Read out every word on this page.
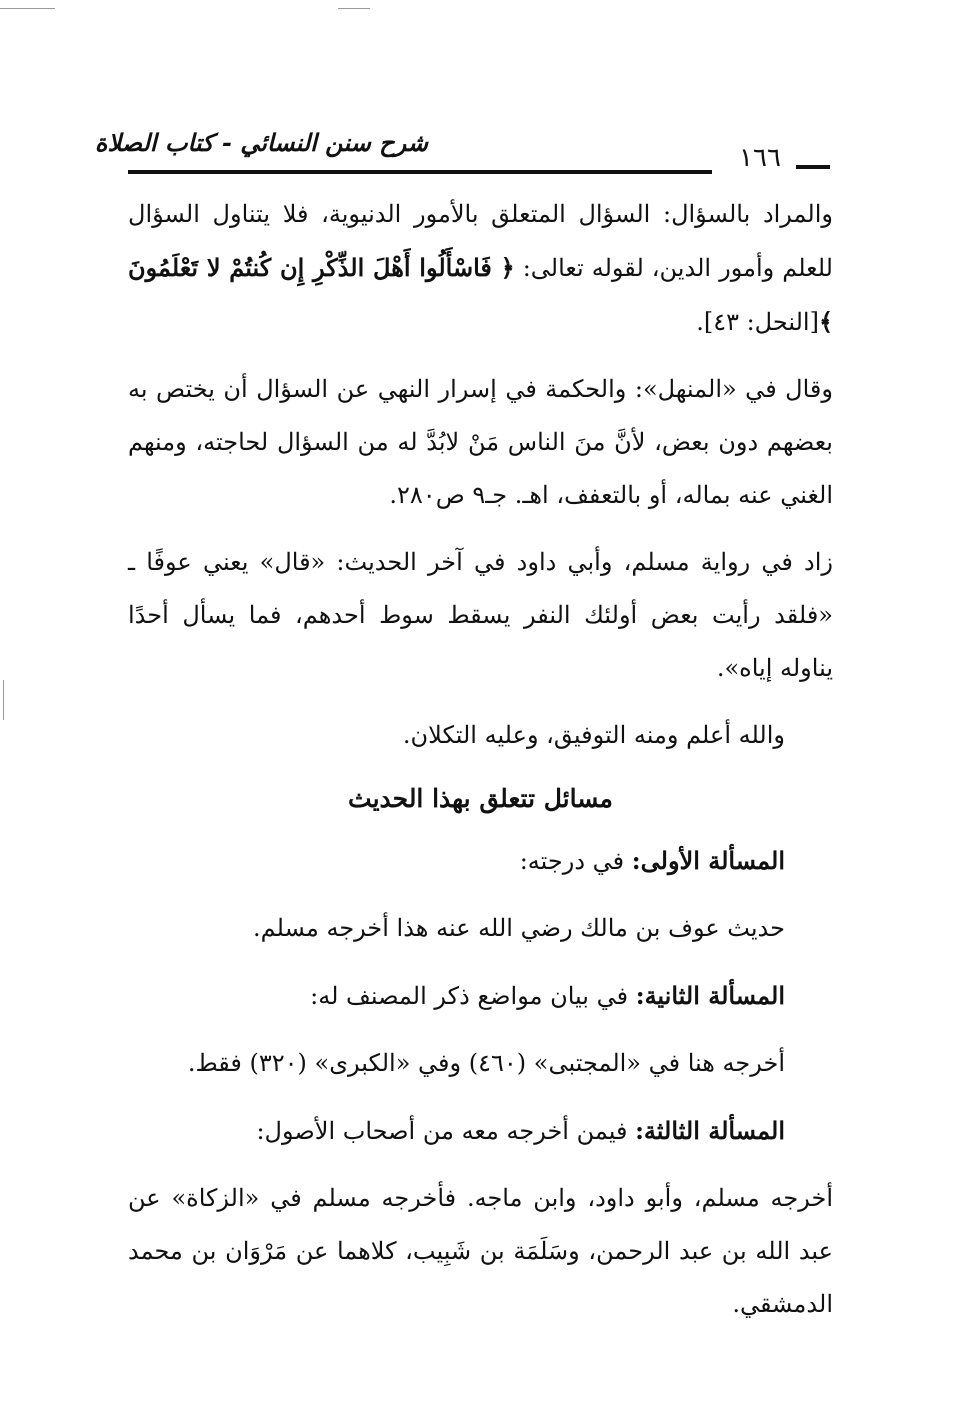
شرح سنن النسائي - كتاب الصلاة
١٦٦

والمراد بالسؤال: السؤال المتعلق بالأمور الدنيوية، فلا يتناول السؤال للعلم وأمور الدين، لقوله تعالى: ﴿ فَاسْأَلُوا أَهْلَ الذِّكْرِ إِن كُنتُمْ لا تَعْلَمُونَ ﴾[النحل: ٤٣].

وقال في «المنهل»: والحكمة في إسرار النهي عن السؤال أن يختص به بعضهم دون بعض، لأنَّ منَ الناس مَنْ لابُدَّ له من السؤال لحاجته، ومنهم الغني عنه بماله، أو بالتعفف، اهـ. جـ٩ ص٢٨٠.

زاد في رواية مسلم، وأبي داود في آخر الحديث: «قال» يعني عوفًا ـ «فلقد رأيت بعض أولئك النفر يسقط سوط أحدهم، فما يسأل أحدًا يناوله إياه».

والله أعلم ومنه التوفيق، وعليه التكلان.

مسائل تتعلق بهذا الحديث

المسألة الأولى: في درجته:

حديث عوف بن مالك رضي الله عنه هذا أخرجه مسلم.

المسألة الثانية: في بيان مواضع ذكر المصنف له:

أخرجه هنا في «المجتبى» (٤٦٠) وفي «الكبرى» (٣٢٠) فقط.

المسألة الثالثة: فيمن أخرجه معه من أصحاب الأصول:

أخرجه مسلم، وأبو داود، وابن ماجه. فأخرجه مسلم في «الزكاة» عن عبد الله بن عبد الرحمن، وسَلَمَة بن شَبِيب، كلاهما عن مَرْوَان بن محمد الدمشقي.
